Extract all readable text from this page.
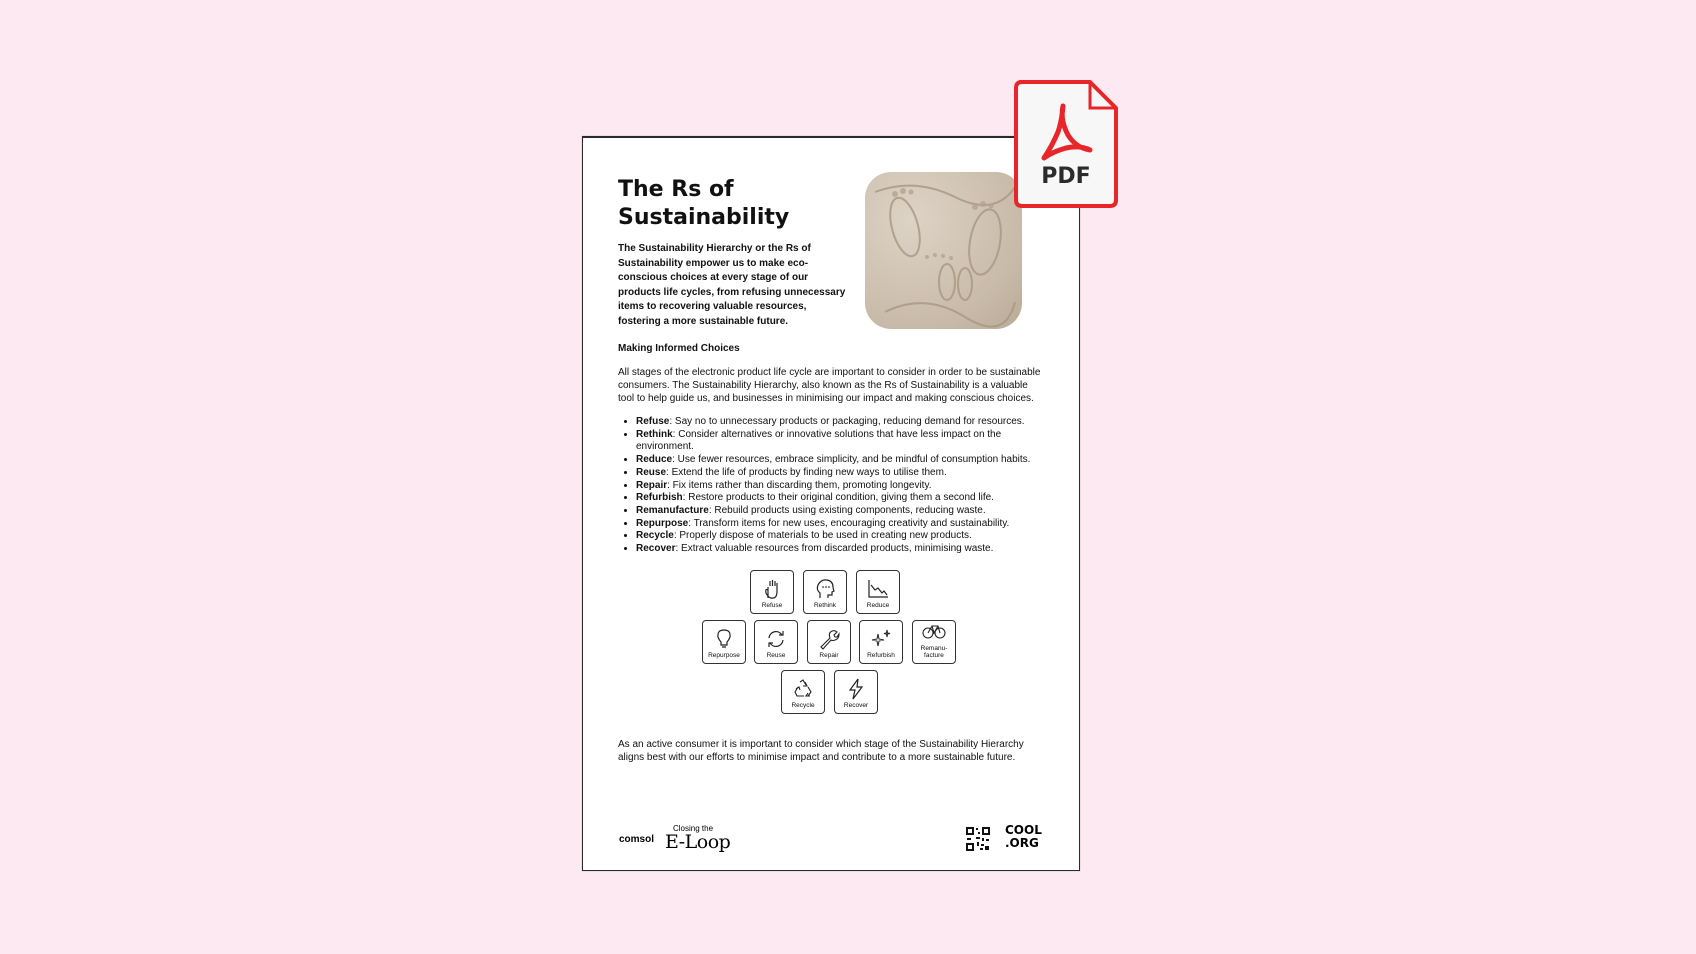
The Rs of Sustainability
The Sustainability Hierarchy or the Rs of Sustainability empower us to make eco-conscious choices at every stage of our products life cycles, from refusing unnecessary items to recovering valuable resources, fostering a more sustainable future.
Making Informed Choices
All stages of the electronic product life cycle are important to consider in order to be sustainable consumers. The Sustainability Hierarchy, also known as the Rs of Sustainability is a valuable tool to help guide us, and businesses in minimising our impact and making conscious choices.
• Refuse: Say no to unnecessary products or packaging, reducing demand for resources.
• Rethink: Consider alternatives or innovative solutions that have less impact on the environment.
• Reduce: Use fewer resources, embrace simplicity, and be mindful of consumption habits.
• Reuse: Extend the life of products by finding new ways to utilise them.
• Repair: Fix items rather than discarding them, promoting longevity.
• Refurbish: Restore products to their original condition, giving them a second life.
• Remanufacture: Rebuild products using existing components, reducing waste.
• Repurpose: Transform items for new uses, encouraging creativity and sustainability.
• Recycle: Properly dispose of materials to be used in creating new products.
• Recover: Extract valuable resources from discarded products, minimising waste.
Refuse	Rethink	Reduce
Repurpose	Reuse	Repair	Refurbish
Remanu-
facture
Recycle	Recover
As an active consumer it is important to consider which stage of the Sustainability Hierarchy aligns best with our efforts to minimise impact and contribute to a more sustainable future.
comsol
Closing the
E-Loop
COOL
.ORG
PDF
